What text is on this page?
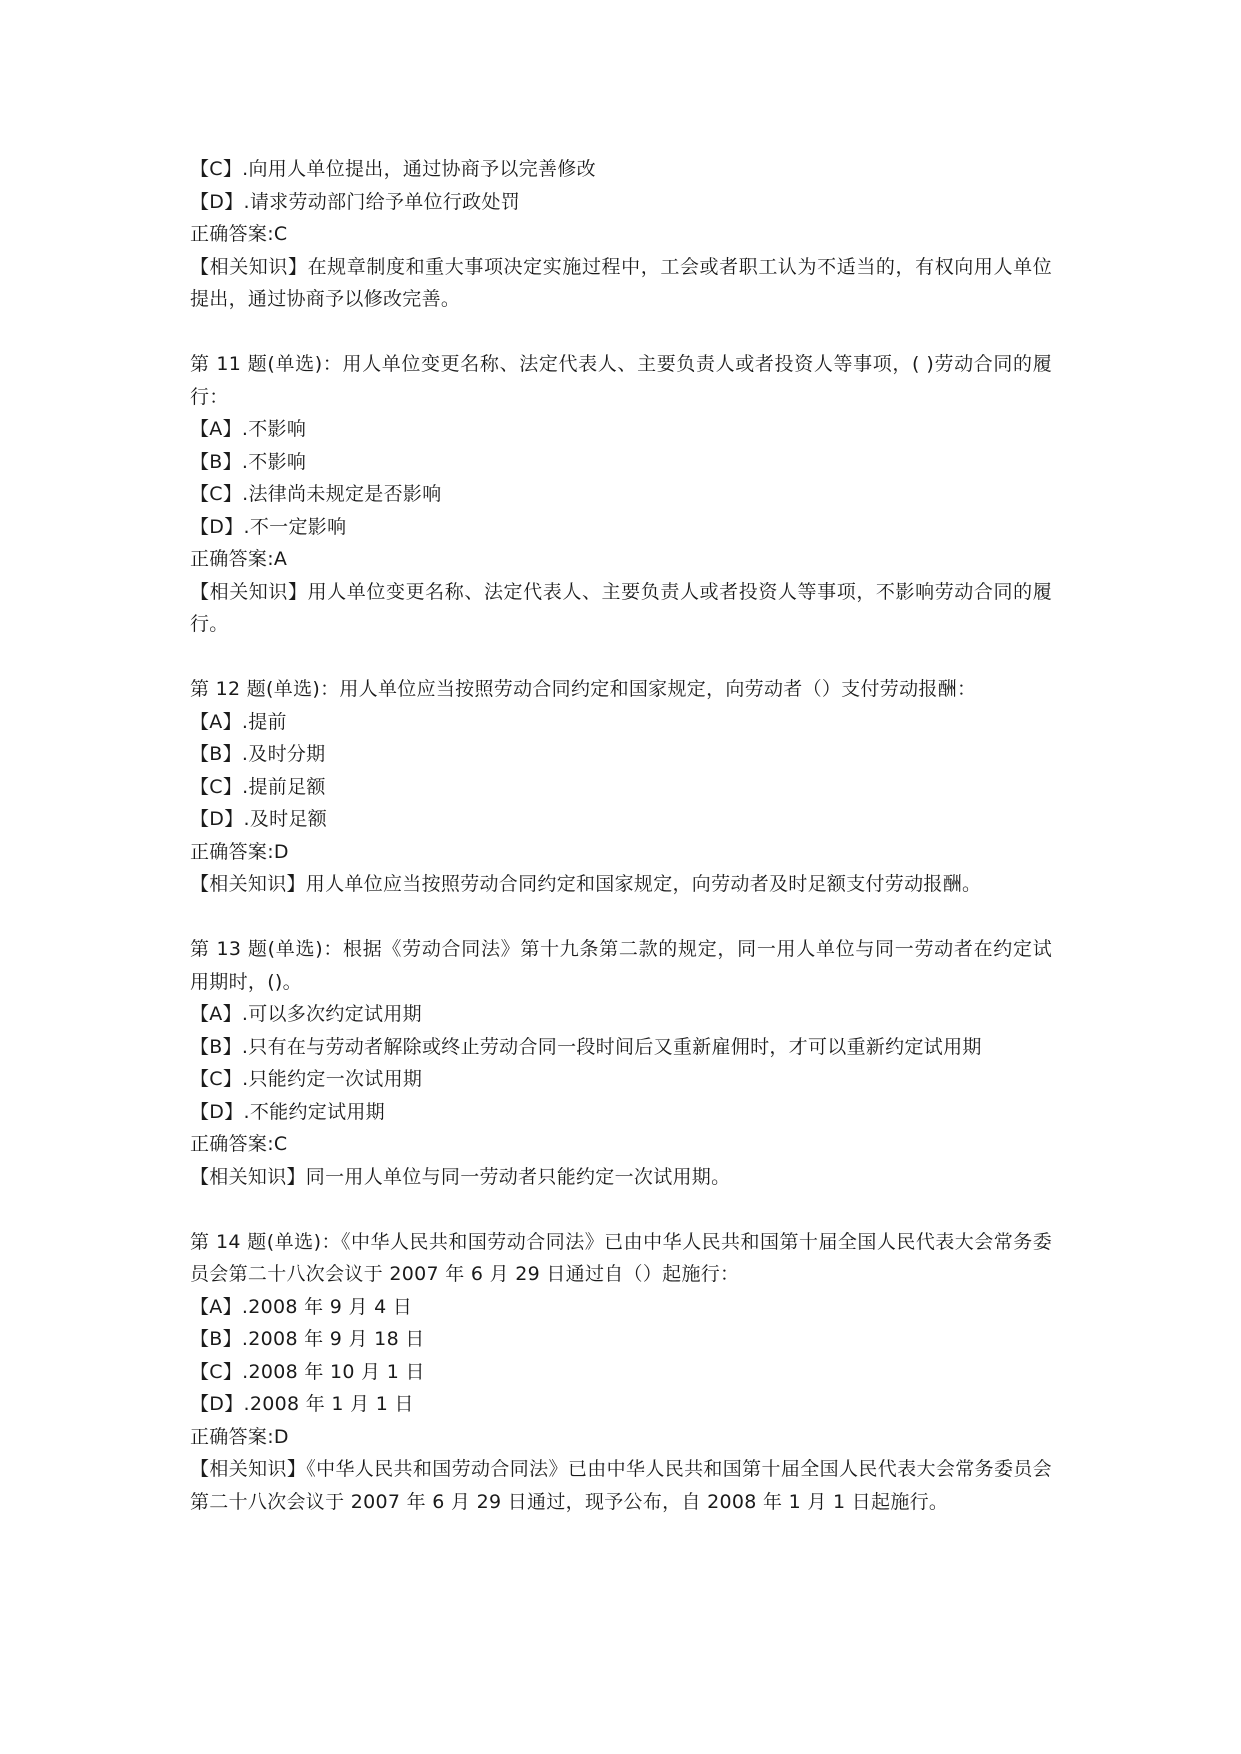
【C】.向用人单位提出，通过协商予以完善修改

【D】.请求劳动部门给予单位行政处罚

正确答案:C

【相关知识】在规章制度和重大事项决定实施过程中，工会或者职工认为不适当的，有权向用人单位提出，通过协商予以修改完善。

第 11 题(单选)：用人单位变更名称、法定代表人、主要负责人或者投资人等事项，( )劳动合同的履行：

【A】.不影响

【B】.不影响

【C】.法律尚未规定是否影响

【D】.不一定影响

正确答案:A

【相关知识】用人单位变更名称、法定代表人、主要负责人或者投资人等事项，不影响劳动合同的履行。

第 12 题(单选)：用人单位应当按照劳动合同约定和国家规定，向劳动者（）支付劳动报酬：

【A】.提前

【B】.及时分期

【C】.提前足额

【D】.及时足额

正确答案:D

【相关知识】用人单位应当按照劳动合同约定和国家规定，向劳动者及时足额支付劳动报酬。

第 13 题(单选)：根据《劳动合同法》第十九条第二款的规定，同一用人单位与同一劳动者在约定试用期时，()。

【A】.可以多次约定试用期

【B】.只有在与劳动者解除或终止劳动合同一段时间后又重新雇佣时，才可以重新约定试用期

【C】.只能约定一次试用期

【D】.不能约定试用期

正确答案:C

【相关知识】同一用人单位与同一劳动者只能约定一次试用期。

第 14 题(单选)：《中华人民共和国劳动合同法》已由中华人民共和国第十届全国人民代表大会常务委员会第二十八次会议于 2007 年 6 月 29 日通过自（）起施行：

【A】.2008 年 9 月 4 日

【B】.2008 年 9 月 18 日

【C】.2008 年 10 月 1 日

【D】.2008 年 1 月 1 日

正确答案:D

【相关知识】《中华人民共和国劳动合同法》已由中华人民共和国第十届全国人民代表大会常务委员会第二十八次会议于 2007 年 6 月 29 日通过，现予公布，自 2008 年 1 月 1 日起施行。
